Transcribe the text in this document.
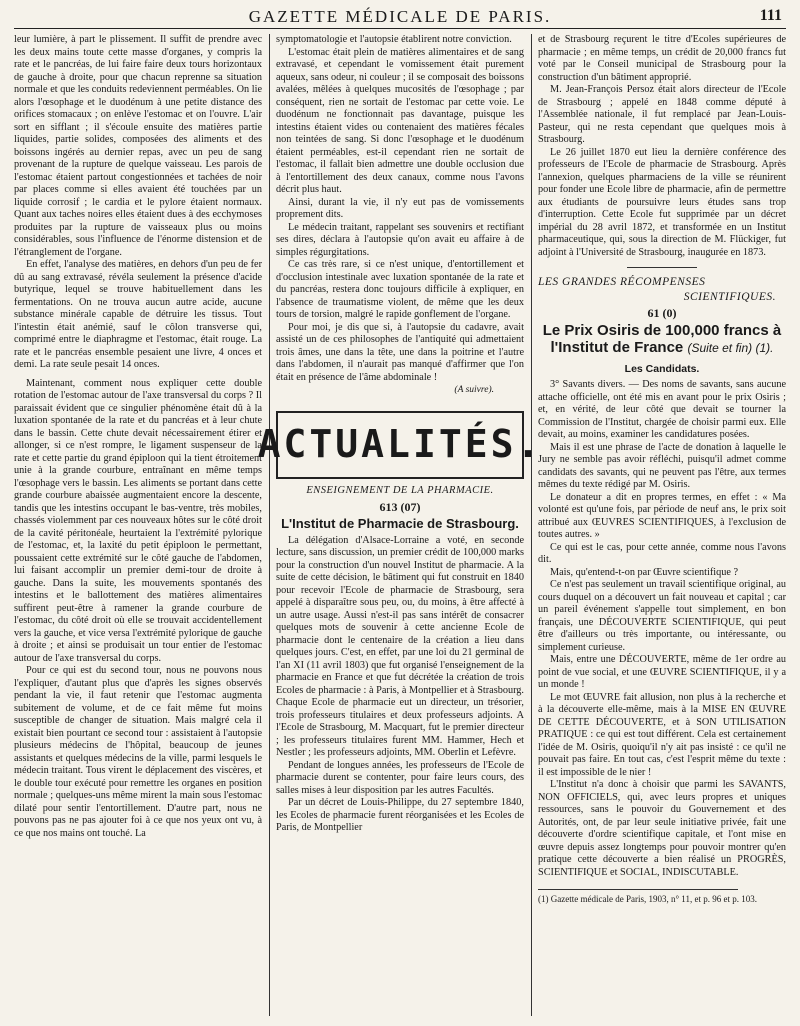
GAZETTE MÉDICALE DE PARIS.	111

leur lumière, à part le plissement. Il suffit de prendre avec les deux mains toute cette masse d'organes, y compris la rate et le pancréas, de lui faire faire deux tours horizontaux de gauche à droite, pour que chacun reprenne sa situation normale et que les conduits redeviennent perméables. On lie alors l'œsophage et le duodénum à une petite distance des orifices stomacaux ; on enlève l'estomac et on l'ouvre. L'air sort en sifflant ; il s'écoule ensuite des matières partie liquides, partie solides, composées des aliments et des boissons ingérés au dernier repas, avec un peu de sang provenant de la rupture de quelque vaisseau. Les parois de l'estomac étaient partout congestionnées et tachées de noir par places comme si elles avaient été touchées par un liquide corrosif ; le cardia et le pylore étaient normaux. Quant aux taches noires elles étaient dues à des ecchymoses produites par la rupture de vaisseaux plus ou moins considérables, sous l'influence de l'énorme distension et de l'étranglement de l'organe.

En effet, l'analyse des matières, en dehors d'un peu de fer dû au sang extravasé, révéla seulement la présence d'acide butyrique, lequel se trouve habituellement dans les fermentations. On ne trouva aucun autre acide, aucune substance minérale capable de détruire les tissus. Tout l'intestin était anémié, sauf le côlon transverse qui, comprimé entre le diaphragme et l'estomac, était rouge. La rate et le pancréas ensemble pesaient une livre, 4 onces et demi. La rate seule pesait 14 onces.

Maintenant, comment nous expliquer cette double rotation de l'estomac autour de l'axe transversal du corps ? Il paraissait évident que ce singulier phénomène était dû à la luxation spontanée de la rate et du pancréas et à leur chute dans le bassin. Cette chute devait nécessairement étirer et allonger, si ce n'est rompre, le ligament suspenseur de la rate et cette partie du grand épiploon qui la tient étroitement unie à la grande courbure, entraînant en même temps l'œsophage vers le bassin. Les aliments se portant dans cette grande courbure abaissée augmentaient encore la descente, tandis que les intestins occupant le bas-ventre, très mobiles, chassés violemment par ces nouveaux hôtes sur le côté droit de la cavité péritonéale, heurtaient la l'extrémité pylorique de l'estomac, et, la laxité du petit épiploon le permettant, poussaient cette extrémité sur le côté gauche de l'abdomen, lui faisant accomplir un premier demi-tour de droite à gauche. Dans la suite, les mouvements spontanés des intestins et le ballottement des matières alimentaires suffirent peut-être à ramener la grande courbure de l'estomac, du côté droit où elle se trouvait accidentellement vers la gauche, et vice versa l'extrémité pylorique de gauche à droite ; et ainsi se produisait un tour entier de l'estomac autour de l'axe transversal du corps.

Pour ce qui est du second tour, nous ne pouvons nous l'expliquer, d'autant plus que d'après les signes observés pendant la vie, il faut retenir que l'estomac augmenta subitement de volume, et de ce fait même fut moins susceptible de changer de situation. Mais malgré cela il existait bien pourtant ce second tour : assistaient à l'autopsie plusieurs médecins de l'hôpital, beaucoup de jeunes assistants et quelques médecins de la ville, parmi lesquels le médecin traitant. Tous virent le déplacement des viscères, et le double tour exécuté pour remettre les organes en position normale ; quelques-uns même mirent la main sous l'estomac dilaté pour sentir l'entortillement. D'autre part, nous ne pouvons pas ne pas ajouter foi à ce que nos yeux ont vu, à ce que nos mains ont touché. La

symptomatologie et l'autopsie établirent notre conviction.

L'estomac était plein de matières alimentaires et de sang extravasé, et cependant le vomissement était purement aqueux, sans odeur, ni couleur ; il se composait des boissons avalées, mêlées à quelques mucosités de l'œsophage ; par conséquent, rien ne sortait de l'estomac par cette voie. Le duodénum ne fonctionnait pas davantage, puisque les intestins étaient vides ou contenaient des matières fécales non teintées de sang. Si donc l'œsophage et le duodénum étaient perméables, est-il cependant rien ne sortait de l'estomac, il fallait bien admettre une double occlusion due à l'entortillement des deux canaux, comme nous l'avons décrit plus haut.

Ainsi, durant la vie, il n'y eut pas de vomissements proprement dits.

Le médecin traitant, rappelant ses souvenirs et rectifiant ses dires, déclara à l'autopsie qu'on avait eu affaire à de simples régurgitations.

Ce cas très rare, si ce n'est unique, d'entortillement et d'occlusion intestinale avec luxation spontanée de la rate et du pancréas, restera donc toujours difficile à expliquer, en l'absence de traumatisme violent, de même que les deux tours de torsion, malgré le rapide gonflement de l'organe.

Pour moi, je dis que si, à l'autopsie du cadavre, avait assisté un de ces philosophes de l'antiquité qui admettaient trois âmes, une dans la tête, une dans la poitrine et l'autre dans l'abdomen, il n'aurait pas manqué d'affirmer que l'on était en présence de l'âme abdominale !

(A suivre).
ACTUALITÉS.
ENSEIGNEMENT DE LA PHARMACIE.
613 (07)
L'Institut de Pharmacie de Strasbourg.

La délégation d'Alsace-Lorraine a voté, en seconde lecture, sans discussion, un premier crédit de 100,000 marks pour la construction d'un nouvel Institut de pharmacie. A la suite de cette décision, le bâtiment qui fut construit en 1840 pour recevoir l'Ecole de pharmacie de Strasbourg, sera appelé à disparaître sous peu, ou, du moins, à être affecté à un autre usage. Aussi n'est-il pas sans intérêt de consacrer quelques mots de souvenir à cette ancienne Ecole de pharmacie dont le centenaire de la création a lieu dans quelques jours. C'est, en effet, par une loi du 21 germinal de l'an XI (11 avril 1803) que fut organisé l'enseignement de la pharmacie en France et que fut décrétée la création de trois Ecoles de pharmacie : à Paris, à Montpellier et à Strasbourg. Chaque Ecole de pharmacie eut un directeur, un trésorier, trois professeurs titulaires et deux professeurs adjoints. A l'Ecole de Strasbourg, M. Macquart, fut le premier directeur ; les professeurs titulaires furent MM. Hammer, Hech et Nestler ; les professeurs adjoints, MM. Oberlin et Lefèvre.

Pendant de longues années, les professeurs de l'Ecole de pharmacie durent se contenter, pour faire leurs cours, des salles mises à leur disposition par les autres Facultés.

Par un décret de Louis-Philippe, du 27 septembre 1840, les Ecoles de pharmacie furent réorganisées et les Ecoles de Paris, de Montpellier

et de Strasbourg reçurent le titre d'Ecoles supérieures de pharmacie ; en même temps, un crédit de 20,000 francs fut voté par le Conseil municipal de Strasbourg pour la construction d'un bâtiment approprié.

M. Jean-François Persoz était alors directeur de l'Ecole de Strasbourg ; appelé en 1848 comme député à l'Assemblée nationale, il fut remplacé par Jean-Louis-Pasteur, qui ne resta cependant que quelques mois à Strasbourg.

Le 26 juillet 1870 eut lieu la dernière conférence des professeurs de l'Ecole de pharmacie de Strasbourg. Après l'annexion, quelques pharmaciens de la ville se réunirent pour fonder une Ecole libre de pharmacie, afin de permettre aux étudiants de poursuivre leurs études sans trop d'interruption. Cette Ecole fut supprimée par un décret impérial du 28 avril 1872, et transformée en un Institut pharmaceutique, qui, sous la direction de M. Flückiger, fut adjoint à l'Université de Strasbourg, inaugurée en 1873.

LES GRANDES RÉCOMPENSES
SCIENTIFIQUES.
61 (0)
Le Prix Osiris de 100,000 francs à l'Institut de France (Suite et fin) (1).
Les Candidats.

3° Savants divers. — Des noms de savants, sans aucune attache officielle, ont été mis en avant pour le prix Osiris ; et, en vérité, de leur côté que devait se tourner la Commission de l'Institut, chargée de choisir parmi eux. Elle devait, au moins, examiner les candidatures posées.

Mais il est une phrase de l'acte de donation à laquelle le Jury ne semble pas avoir réfléchi, puisqu'il admet comme candidats des savants, qui ne peuvent pas l'être, aux termes mêmes du texte rédigé par M. Osiris.

Le donateur a dit en propres termes, en effet : « Ma volonté est qu'une fois, par période de neuf ans, le prix soit attribué aux ŒUVRES SCIENTIFIQUES, à l'exclusion de toutes autres. »

Ce qui est le cas, pour cette année, comme nous l'avons dit.

Mais, qu'entend-t-on par Œuvre scientifique ?

Ce n'est pas seulement un travail scientifique original, au cours duquel on a découvert un fait nouveau et capital ; car un pareil événement s'appelle tout simplement, en bon français, une DÉCOUVERTE SCIENTIFIQUE, qui peut être d'ailleurs ou très importante, ou intéressante, ou simplement curieuse.

Mais, entre une DÉCOUVERTE, même de 1er ordre au point de vue social, et une ŒUVRE SCIENTIFIQUE, il y a un monde !

Le mot ŒUVRE fait allusion, non plus à la recherche et à la découverte elle-même, mais à la MISE EN ŒUVRE DE CETTE DÉCOUVERTE, et à SON UTILISATION PRATIQUE : ce qui est tout différent. Cela est certainement l'idée de M. Osiris, quoiqu'il n'y ait pas insisté : ce qu'il ne pouvait pas faire. En tout cas, c'est l'esprit même du texte : il est impossible de le nier !

L'Institut n'a donc à choisir que parmi les SAVANTS, NON OFFICIELS, qui, avec leurs propres et uniques ressources, sans le pouvoir du Gouvernement et des Autorités, ont, de par leur seule initiative privée, fait une découverte d'ordre scientifique capitale, et l'ont mise en œuvre depuis assez longtemps pour pouvoir montrer qu'en pratique cette découverte a bien réalisé un PROGRÈS, SCIENTIFIQUE et SOCIAL, INDISCUTABLE.

(1) Gazette médicale de Paris, 1903, n° 11, et p. 96 et p. 103.
